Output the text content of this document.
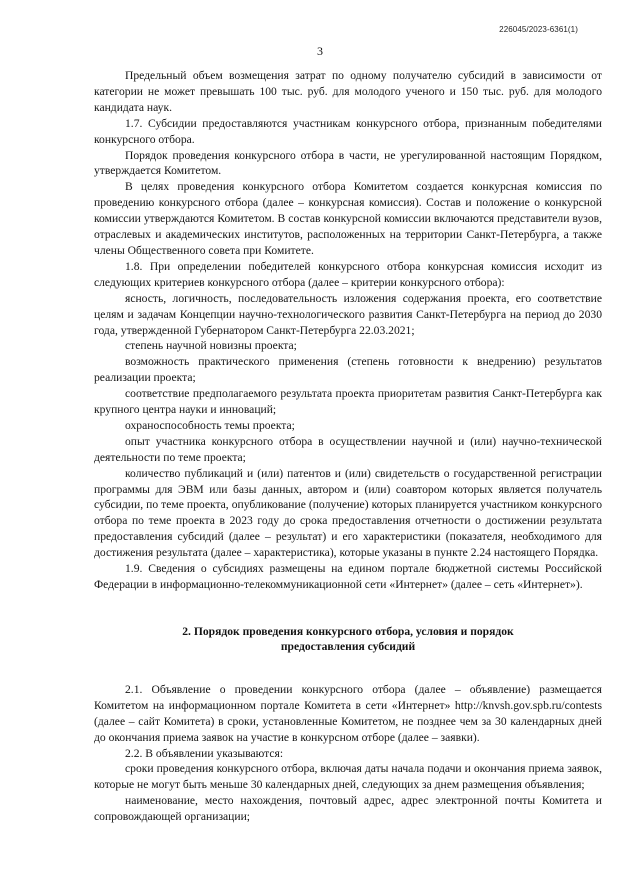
226045/2023-6361(1)
3

Предельный объем возмещения затрат по одному получателю субсидий в зависимости от категории не может превышать 100 тыс. руб. для молодого ученого и 150 тыс. руб. для молодого кандидата наук.

1.7. Субсидии предоставляются участникам конкурсного отбора, признанным победителями конкурсного отбора.

Порядок проведения конкурсного отбора в части, не урегулированной настоящим Порядком, утверждается Комитетом.

В целях проведения конкурсного отбора Комитетом создается конкурсная комиссия по проведению конкурсного отбора (далее – конкурсная комиссия). Состав и положение о конкурсной комиссии утверждаются Комитетом. В состав конкурсной комиссии включаются представители вузов, отраслевых и академических институтов, расположенных на территории Санкт-Петербурга, а также члены Общественного совета при Комитете.

1.8. При определении победителей конкурсного отбора конкурсная комиссия исходит из следующих критериев конкурсного отбора (далее – критерии конкурсного отбора):

ясность, логичность, последовательность изложения содержания проекта, его соответствие целям и задачам Концепции научно-технологического развития Санкт-Петербурга на период до 2030 года, утвержденной Губернатором Санкт-Петербурга 22.03.2021;

степень научной новизны проекта;

возможность практического применения (степень готовности к внедрению) результатов реализации проекта;

соответствие предполагаемого результата проекта приоритетам развития Санкт-Петербурга как крупного центра науки и инноваций;

охраноспособность темы проекта;

опыт участника конкурсного отбора в осуществлении научной и (или) научно-технической деятельности по теме проекта;

количество публикаций и (или) патентов и (или) свидетельств о государственной регистрации программы для ЭВМ или базы данных, автором и (или) соавтором которых является получатель субсидии, по теме проекта, опубликование (получение) которых планируется участником конкурсного отбора по теме проекта в 2023 году до срока предоставления отчетности о достижении результата предоставления субсидий (далее – результат) и его характеристики (показателя, необходимого для достижения результата (далее – характеристика), которые указаны в пункте 2.24 настоящего Порядка.

1.9. Сведения о субсидиях размещены на едином портале бюджетной системы Российской Федерации в информационно-телекоммуникационной сети «Интернет» (далее – сеть «Интернет»).

2. Порядок проведения конкурсного отбора, условия и порядок предоставления субсидий

2.1. Объявление о проведении конкурсного отбора (далее – объявление) размещается Комитетом на информационном портале Комитета в сети «Интернет» http://knvsh.gov.spb.ru/contests (далее – сайт Комитета) в сроки, установленные Комитетом, не позднее чем за 30 календарных дней до окончания приема заявок на участие в конкурсном отборе (далее – заявки).

2.2. В объявлении указываются:

сроки проведения конкурсного отбора, включая даты начала подачи и окончания приема заявок, которые не могут быть меньше 30 календарных дней, следующих за днем размещения объявления;

наименование, место нахождения, почтовый адрес, адрес электронной почты Комитета и сопровождающей организации;
